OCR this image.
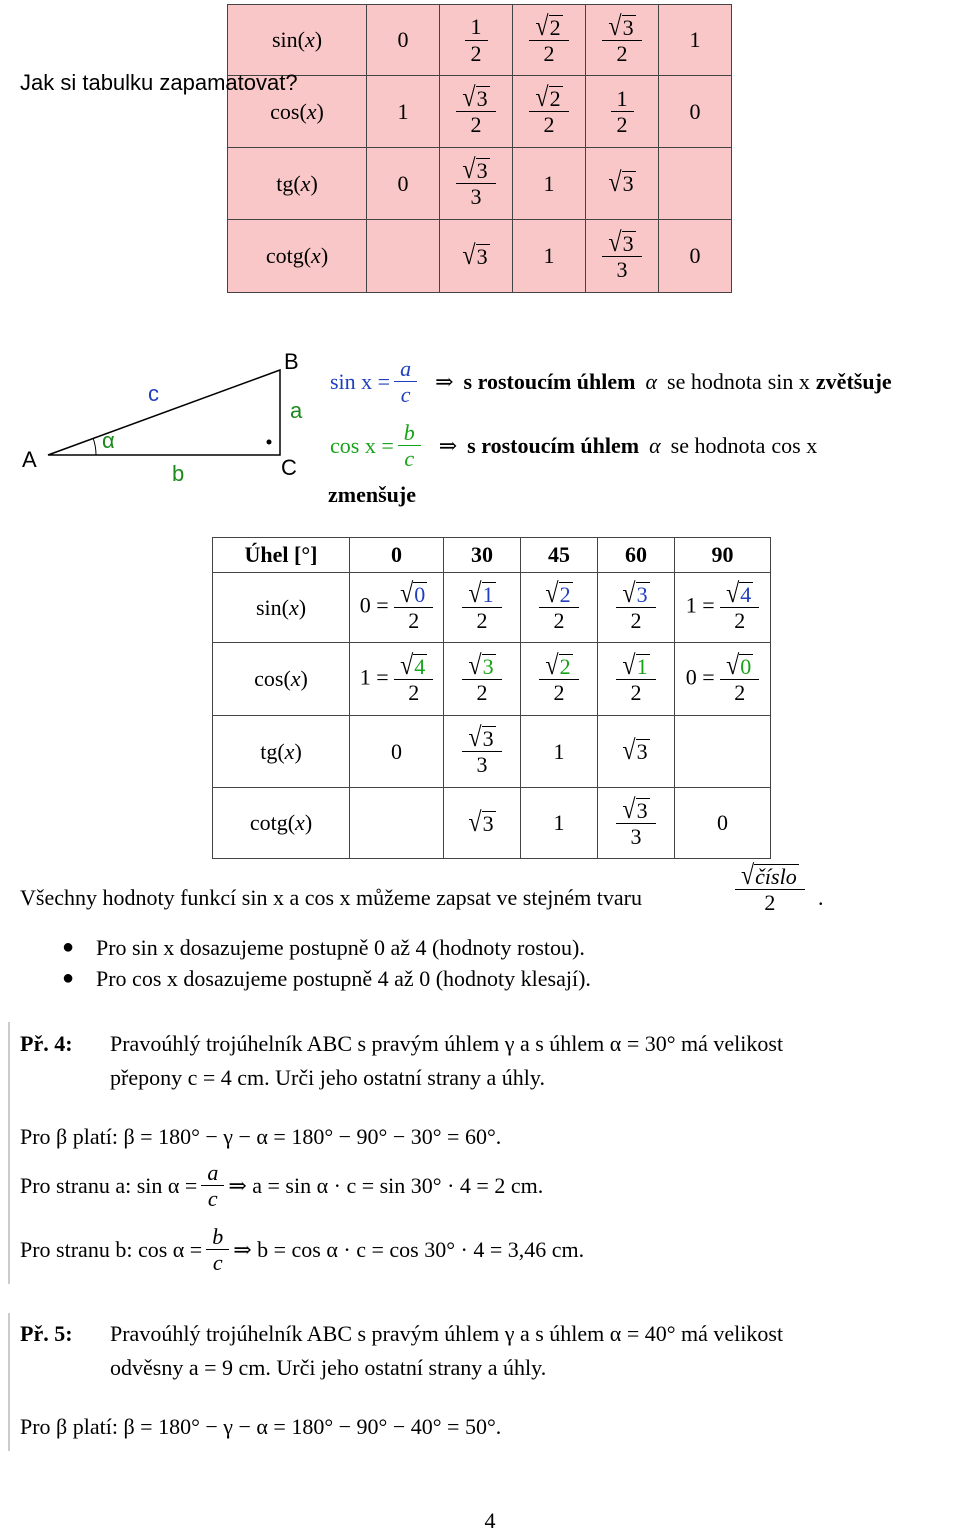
sin(x)	0	$\frac{1}{2}$	$\frac{√ 2}{2}$	$\frac{√ 3}{2}$	1
cos(x)	1	$\frac{√ 3}{2}$	$\frac{√ 2}{2}$	$\frac{1}{2}$	0
tg(x)	0	$\frac{√ 3}{3}$	1	√ 3	

cotg(x)		√ 3	1	$\frac{√ 3}{3}$	0
Jak si tabulku zapamatovat?
A
B
C
c
a
b
α
$\sin x = \frac{a}{c}$ ⇒ s rostoucím úhlem α se hodnota sin x zvětšuje
$\cos x = \frac{b}{c}$ ⇒ s rostoucím úhlem α se hodnota cos x
zmenšuje
Úhel [°]	0	30	45	60	90
sin(x)	$0 = \frac{√ 0}{2}$	$\frac{√ 1}{2}$	$\frac{√ 2}{2}$	$\frac{√ 3}{2}$	$1 = \frac{√ 4}{2}$

cos(x)	$1 = \frac{√ 4}{2}$	$\frac{√ 3}{2}$	$\frac{√ 2}{2}$	$\frac{√ 1}{2}$	$0 = \frac{√ 0}{2}$

tg(x)	0	$\frac{√ 3}{3}$	1	√ 3	

cotg(x)		√ 3	1	$\frac{√ 3}{3}$	0
Všechny hodnoty funkcí sin x a cos x můžeme zapsat ve stejném tvaru	$\frac{\text{√ číslo}}{2}$ .
● Pro sin x dosazujeme postupně 0 až 4 (hodnoty rostou).
● Pro cos x dosazujeme postupně 4 až 0 (hodnoty klesají).
Př. 4: Pravoúhlý trojúhelník ABC s pravým úhlem γ a s úhlem α = 30° má velikost
přepony c = 4 cm. Urči jeho ostatní strany a úhly.
Pro β platí: β = 180° − γ − α = 180° − 90° − 30° = 60°.
Pro stranu a: $\sin \alpha = \frac{a}{c}$ ⇒ a = sin α · c = sin 30° · 4 = 2 cm.
Pro stranu b: $\cos \alpha = \frac{b}{c}$ ⇒ b = cos α · c = cos 30° · 4 = 3,46 cm.
Př. 5: Pravoúhlý trojúhelník ABC s pravým úhlem γ a s úhlem α = 40° má velikost
odvěsny a = 9 cm. Urči jeho ostatní strany a úhly.
Pro β platí: β = 180° − γ − α = 180° − 90° − 40° = 50°.
4
